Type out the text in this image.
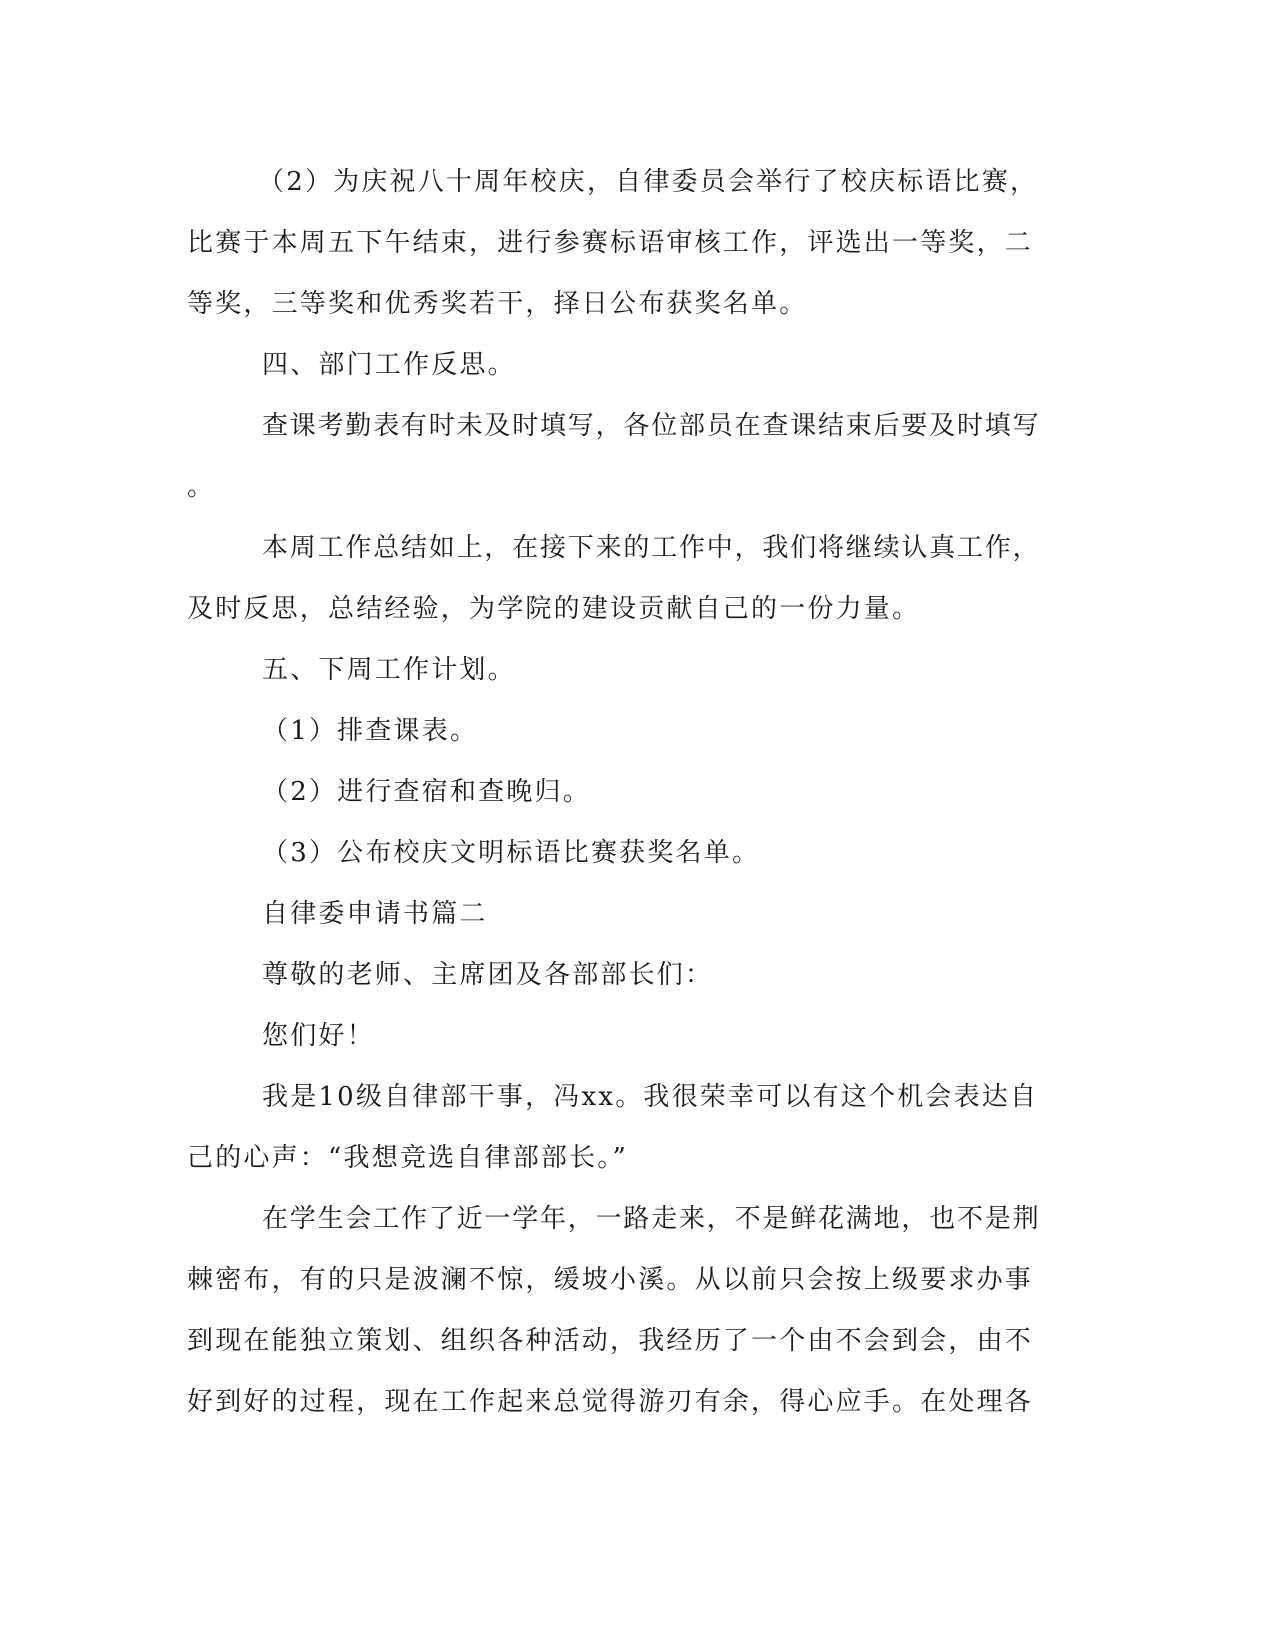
（2）为庆祝八十周年校庆，自律委员会举行了校庆标语比赛，
比赛于本周五下午结束，进行参赛标语审核工作，评选出一等奖，二
等奖，三等奖和优秀奖若干，择日公布获奖名单。
四、部门工作反思。
查课考勤表有时未及时填写，各位部员在查课结束后要及时填写
。
本周工作总结如上，在接下来的工作中，我们将继续认真工作，
及时反思，总结经验，为学院的建设贡献自己的一份力量。
五、下周工作计划。
（1）排查课表。
（2）进行查宿和查晚归。
（3）公布校庆文明标语比赛获奖名单。
自律委申请书篇二
尊敬的老师、主席团及各部部长们：
您们好！
我是10级自律部干事，冯xx。我很荣幸可以有这个机会表达自
己的心声：“我想竞选自律部部长。”
在学生会工作了近一学年，一路走来，不是鲜花满地，也不是荆
棘密布，有的只是波澜不惊，缓坡小溪。从以前只会按上级要求办事
到现在能独立策划、组织各种活动，我经历了一个由不会到会，由不
好到好的过程，现在工作起来总觉得游刃有余，得心应手。在处理各
